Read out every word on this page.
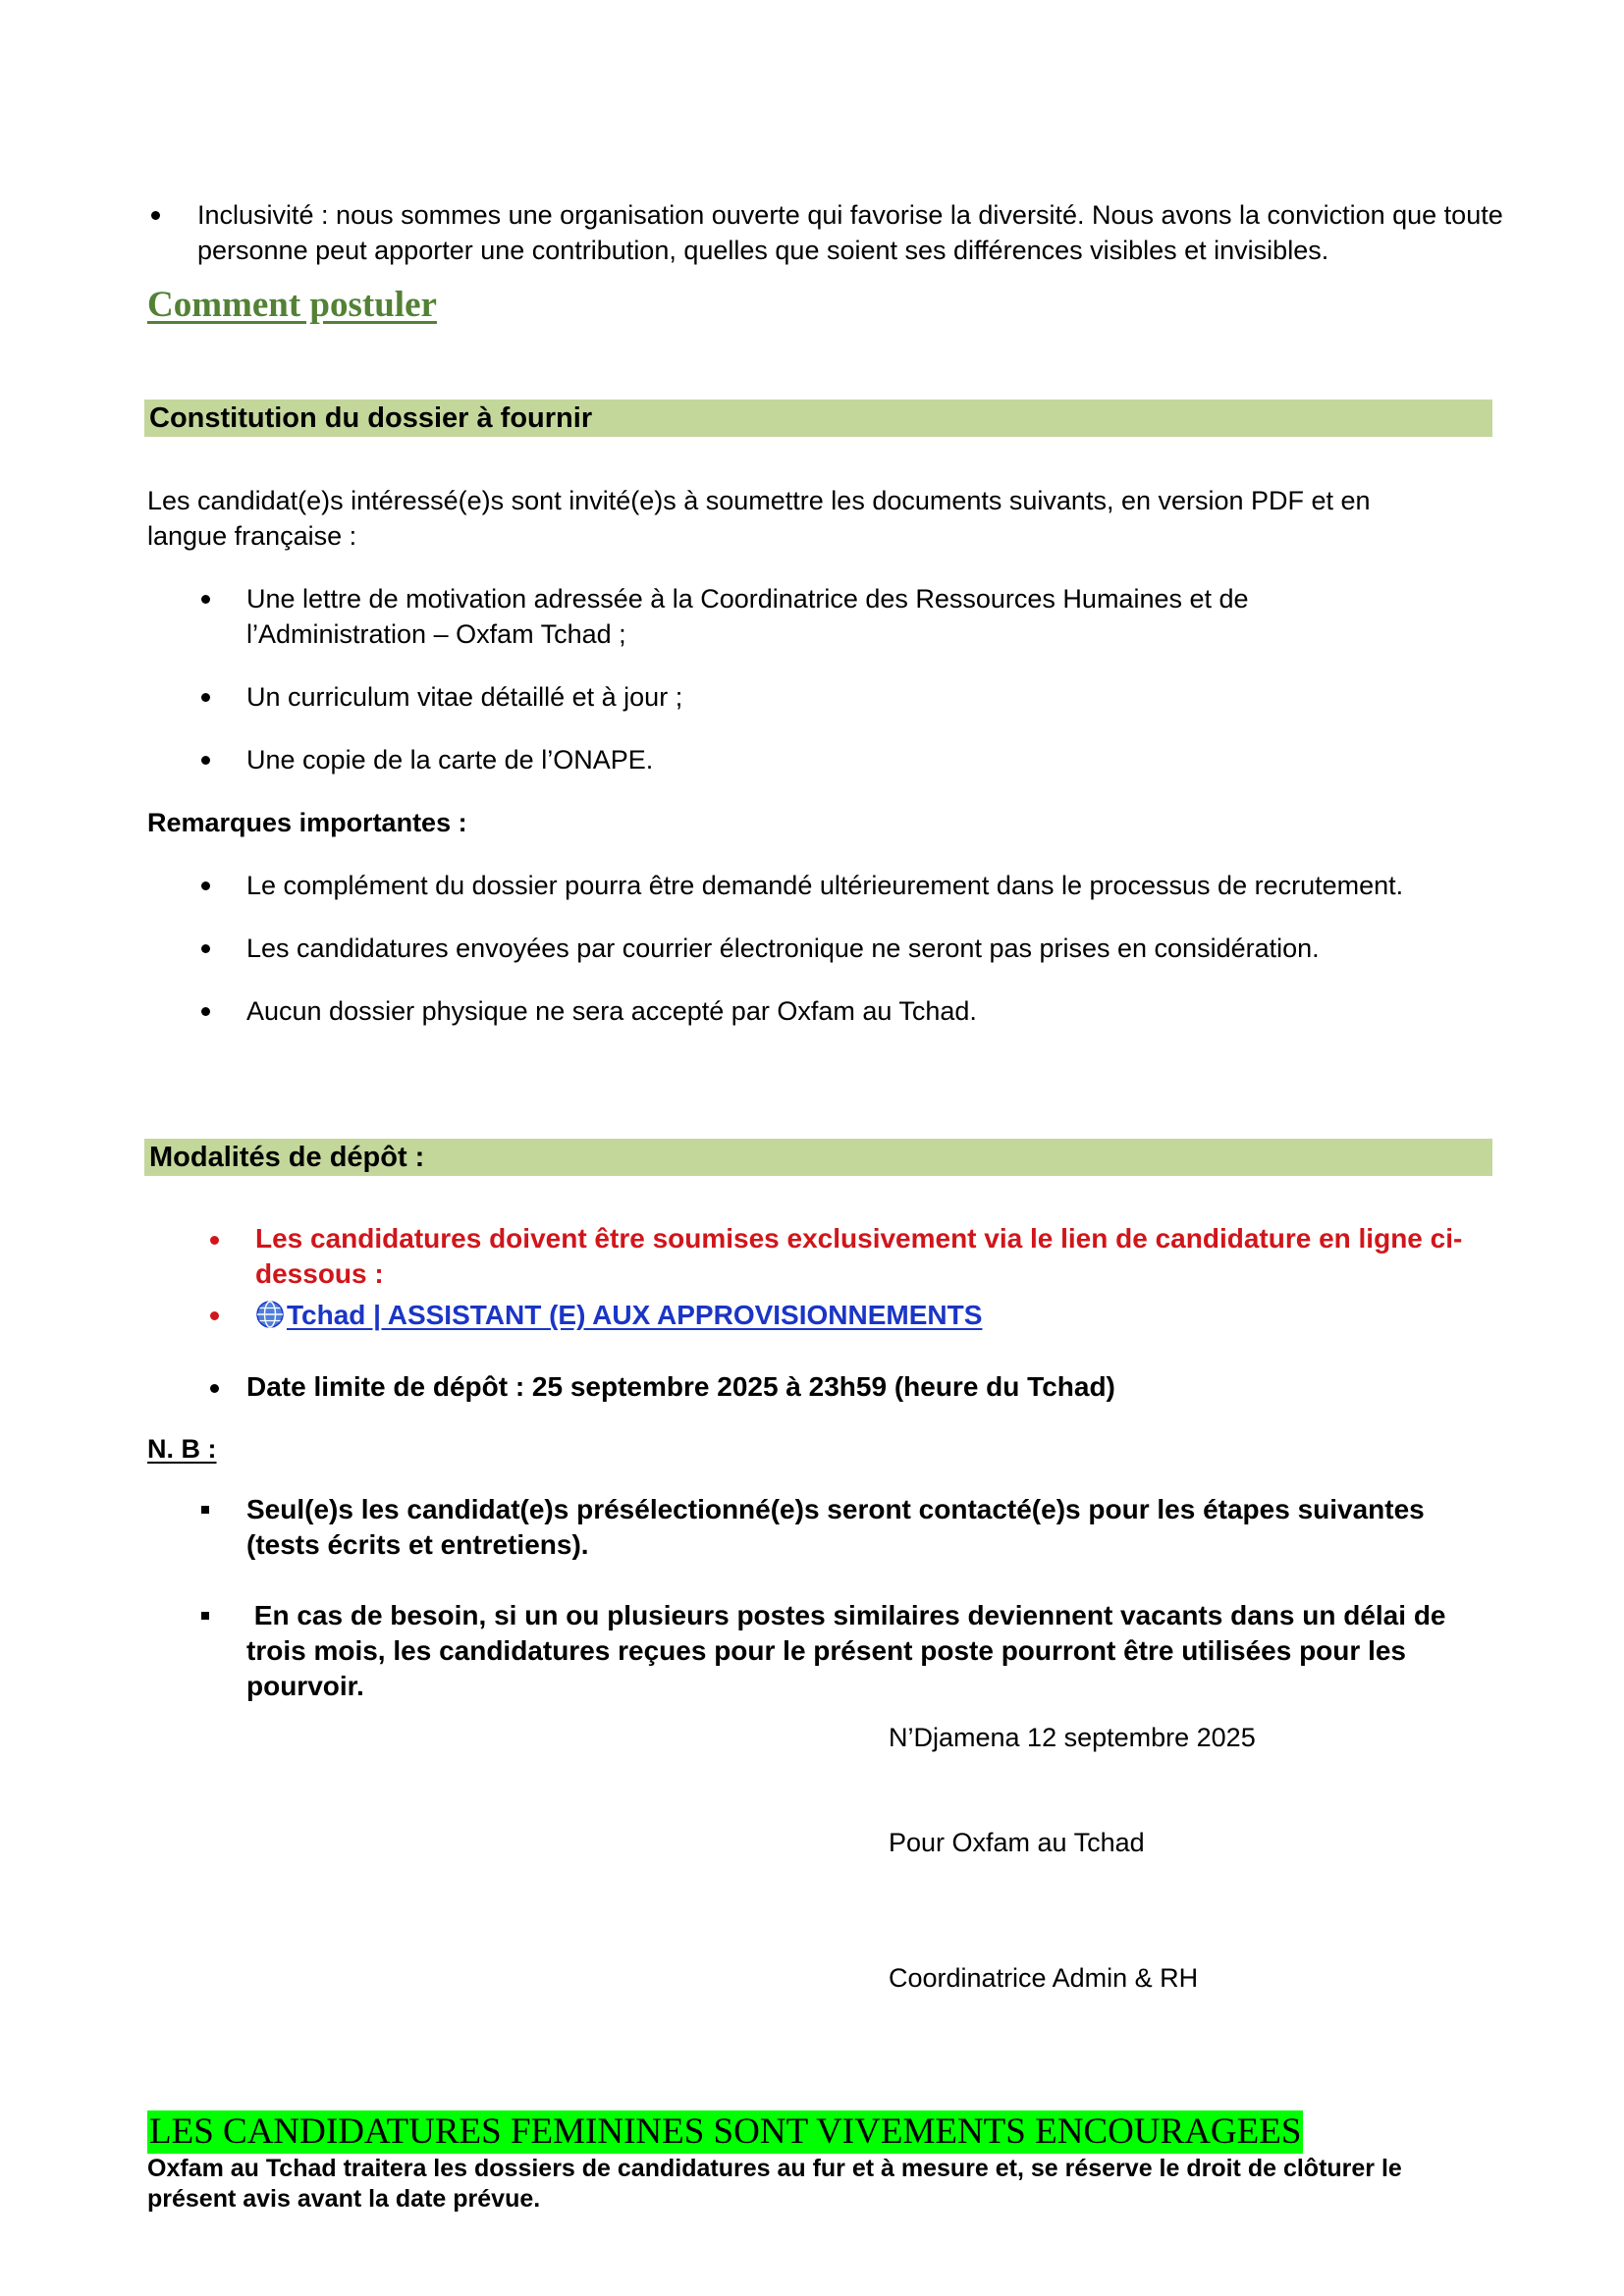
Inclusivité : nous sommes une organisation ouverte qui favorise la diversité. Nous avons la conviction que toute personne peut apporter une contribution, quelles que soient ses différences visibles et invisibles.
Comment postuler
Constitution du dossier à fournir
Les candidat(e)s intéressé(e)s sont invité(e)s à soumettre les documents suivants, en version PDF et en langue française :
Une lettre de motivation adressée à la Coordinatrice des Ressources Humaines et de l’Administration – Oxfam Tchad ;
Un curriculum vitae détaillé et à jour ;
Une copie de la carte de l’ONAPE.
Remarques importantes :
Le complément du dossier pourra être demandé ultérieurement dans le processus de recrutement.
Les candidatures envoyées par courrier électronique ne seront pas prises en considération.
Aucun dossier physique ne sera accepté par Oxfam au Tchad.
Modalités de dépôt :
Les candidatures doivent être soumises exclusivement via le lien de candidature en ligne ci-dessous :
Tchad | ASSISTANT (E) AUX APPROVISIONNEMENTS
Date limite de dépôt : 25 septembre 2025 à 23h59 (heure du Tchad)
N. B :
Seul(e)s les candidat(e)s présélectionné(e)s seront contacté(e)s pour les étapes suivantes (tests écrits et entretiens).
En cas de besoin, si un ou plusieurs postes similaires deviennent vacants dans un délai de trois mois, les candidatures reçues pour le présent poste pourront être utilisées pour les pourvoir.
N’Djamena 12 septembre 2025
Pour Oxfam au Tchad
Coordinatrice Admin & RH
LES CANDIDATURES FEMININES SONT VIVEMENTS ENCOURAGEES
Oxfam au Tchad traitera les dossiers de candidatures au fur et à mesure et, se réserve le droit de clôturer le présent avis avant la date prévue.
